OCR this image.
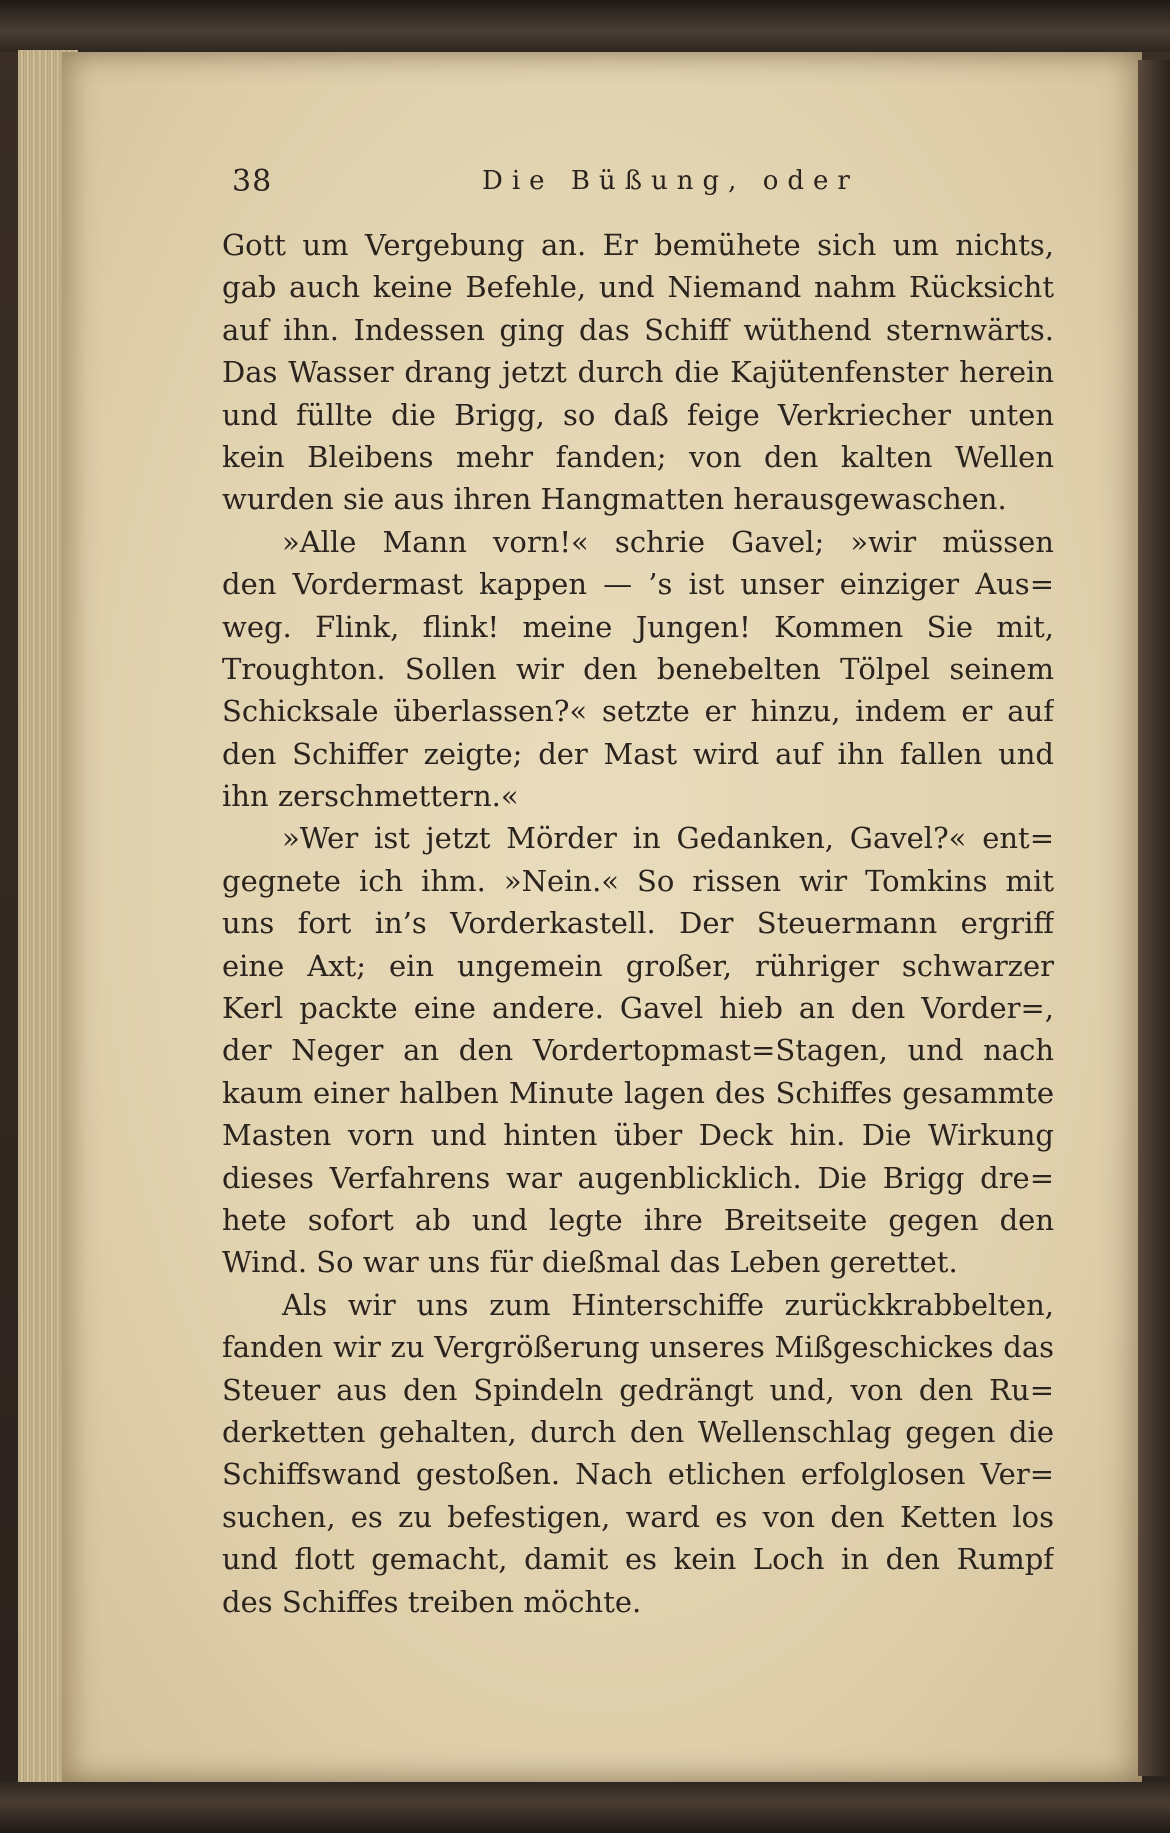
38	Die Büßung, oder
Gott um Vergebung an. Er bemühete sich um nichts,
gab auch keine Befehle, und Niemand nahm Rücksicht
auf ihn. Indessen ging das Schiff wüthend sternwärts.
Das Wasser drang jetzt durch die Kajütenfenster herein
und füllte die Brigg, so daß feige Verkriecher unten
kein Bleibens mehr fanden; von den kalten Wellen
wurden sie aus ihren Hangmatten herausgewaschen.
»Alle Mann vorn!« schrie Gavel; »wir müssen
den Vordermast kappen — ’s ist unser einziger Aus=
weg. Flink, flink! meine Jungen! Kommen Sie mit,
Troughton. Sollen wir den benebelten Tölpel seinem
Schicksale überlassen?« setzte er hinzu, indem er auf
den Schiffer zeigte; der Mast wird auf ihn fallen und
ihn zerschmettern.«
»Wer ist jetzt Mörder in Gedanken, Gavel?« ent=
gegnete ich ihm. »Nein.« So rissen wir Tomkins mit
uns fort in’s Vorderkastell. Der Steuermann ergriff
eine Axt; ein ungemein großer, rühriger schwarzer
Kerl packte eine andere. Gavel hieb an den Vorder=,
der Neger an den Vordertopmast=Stagen, und nach
kaum einer halben Minute lagen des Schiffes gesammte
Masten vorn und hinten über Deck hin. Die Wirkung
dieses Verfahrens war augenblicklich. Die Brigg dre=
hete sofort ab und legte ihre Breitseite gegen den
Wind. So war uns für dießmal das Leben gerettet.
Als wir uns zum Hinterschiffe zurückkrabbelten,
fanden wir zu Vergrößerung unseres Mißgeschickes das
Steuer aus den Spindeln gedrängt und, von den Ru=
derketten gehalten, durch den Wellenschlag gegen die
Schiffswand gestoßen. Nach etlichen erfolglosen Ver=
suchen, es zu befestigen, ward es von den Ketten los
und flott gemacht, damit es kein Loch in den Rumpf
des Schiffes treiben möchte.
